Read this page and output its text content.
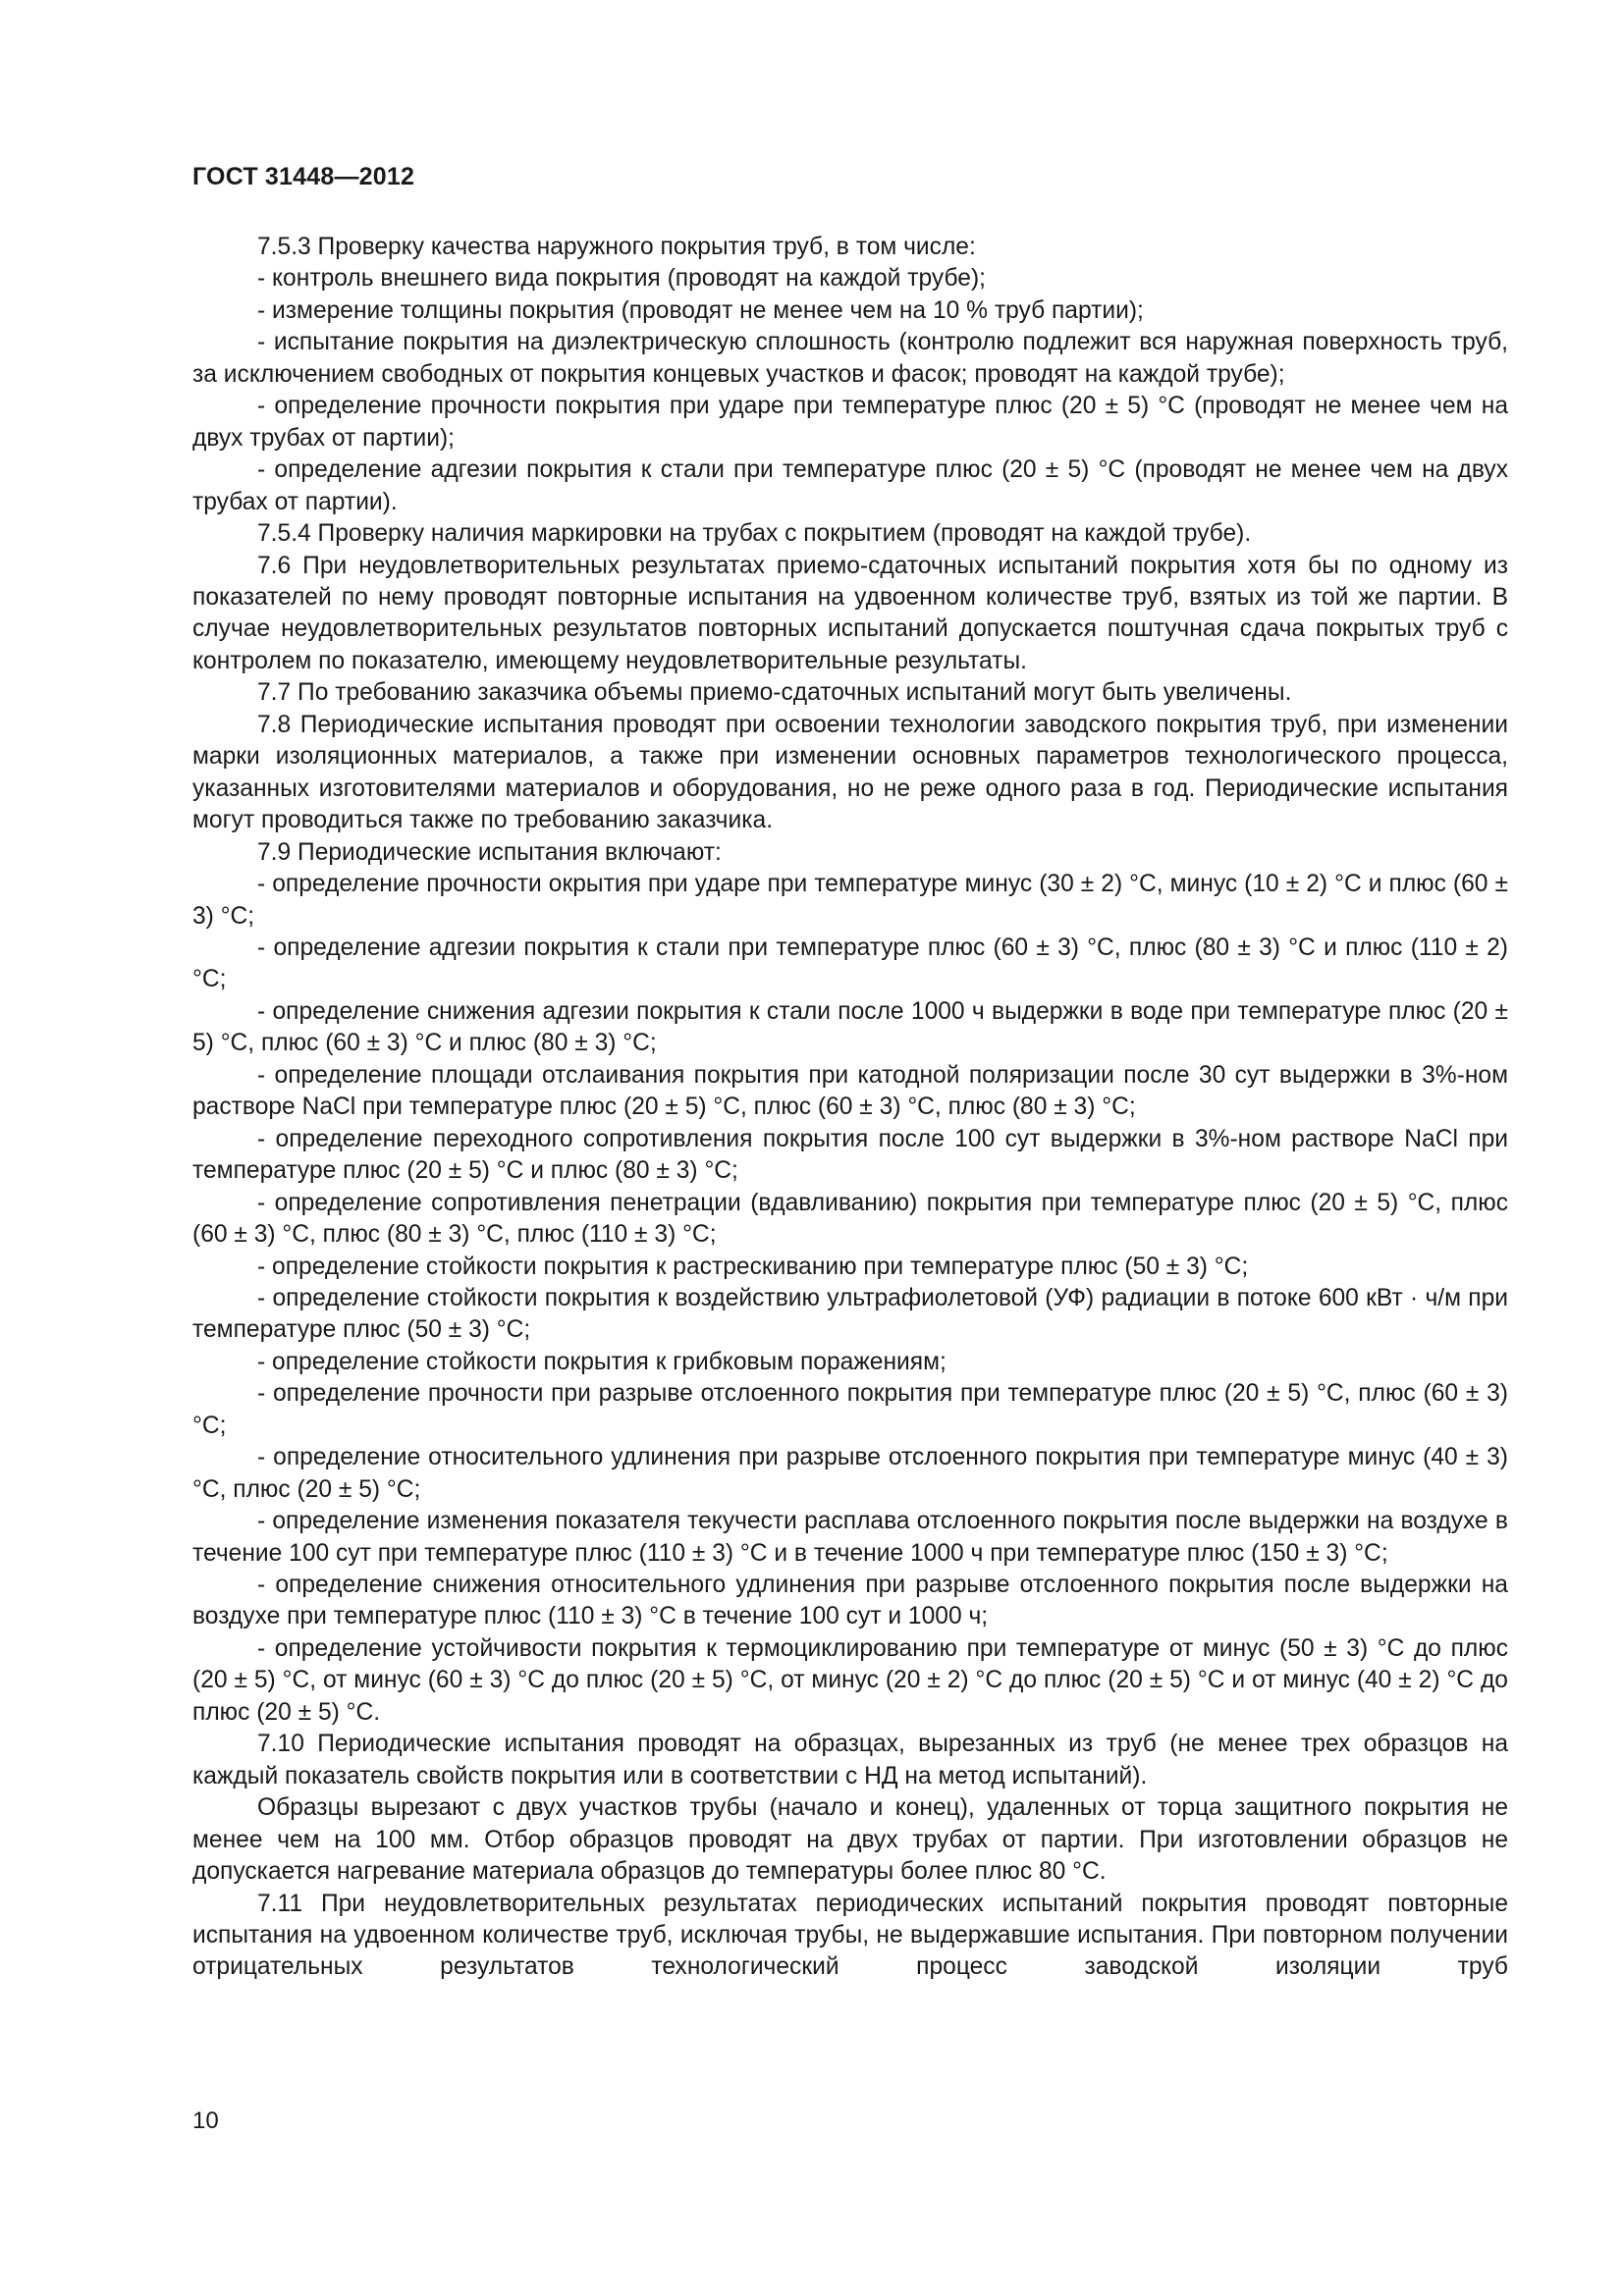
ГОСТ 31448—2012

7.5.3 Проверку качества наружного покрытия труб, в том числе:

- контроль внешнего вида покрытия (проводят на каждой трубе);

- измерение толщины покрытия (проводят не менее чем на 10 % труб партии);

- испытание покрытия на диэлектрическую сплошность (контролю подлежит вся наружная поверхность труб, за исключением свободных от покрытия концевых участков и фасок; проводят на каждой трубе);

- определение прочности покрытия при ударе при температуре плюс (20 ± 5) °С (проводят не менее чем на двух трубах от партии);

- определение адгезии покрытия к стали при температуре плюс (20 ± 5) °С (проводят не менее чем на двух трубах от партии).

7.5.4 Проверку наличия маркировки на трубах с покрытием (проводят на каждой трубе).

7.6 При неудовлетворительных результатах приемо-сдаточных испытаний покрытия хотя бы по одному из показателей по нему проводят повторные испытания на удвоенном количестве труб, взятых из той же партии. В случае неудовлетворительных результатов повторных испытаний допускается поштучная сдача покрытых труб с контролем по показателю, имеющему неудовлетворительные результаты.

7.7 По требованию заказчика объемы приемо-сдаточных испытаний могут быть увеличены.

7.8 Периодические испытания проводят при освоении технологии заводского покрытия труб, при изменении марки изоляционных материалов, а также при изменении основных параметров технологического процесса, указанных изготовителями материалов и оборудования, но не реже одного раза в год. Периодические испытания могут проводиться также по требованию заказчика.

7.9 Периодические испытания включают:

- определение прочности окрытия при ударе при температуре минус (30 ± 2) °С, минус (10 ± 2) °С и плюс (60 ± 3) °С;

- определение адгезии покрытия к стали при температуре плюс (60 ± 3) °С, плюс (80 ± 3) °С и плюс (110 ± 2) °С;

- определение снижения адгезии покрытия к стали после 1000 ч выдержки в воде при температуре плюс (20 ± 5) °С, плюс (60 ± 3) °С и плюс (80 ± 3) °С;

- определение площади отслаивания покрытия при катодной поляризации после 30 сут выдержки в 3%-ном растворе NaCl при температуре плюс (20 ± 5) °С, плюс (60 ± 3) °С, плюс (80 ± 3) °С;

- определение переходного сопротивления покрытия после 100 сут выдержки в 3%-ном растворе NaCl при температуре плюс (20 ± 5) °С и плюс (80 ± 3) °С;

- определение сопротивления пенетрации (вдавливанию) покрытия при температуре плюс (20 ± 5) °С, плюс (60 ± 3) °С, плюс (80 ± 3) °С, плюс (110 ± 3) °С;

- определение стойкости покрытия к растрескиванию при температуре плюс (50 ± 3) °С;

- определение стойкости покрытия к воздействию ультрафиолетовой (УФ) радиации в потоке 600 кВт · ч/м при температуре плюс (50 ± 3) °С;

- определение стойкости покрытия к грибковым поражениям;

- определение прочности при разрыве отслоенного покрытия при температуре плюс (20 ± 5) °С, плюс (60 ± 3) °С;

- определение относительного удлинения при разрыве отслоенного покрытия при температуре минус (40 ± 3) °С, плюс (20 ± 5) °С;

- определение изменения показателя текучести расплава отслоенного покрытия после выдержки на воздухе в течение 100 сут при температуре плюс (110 ± 3) °С и в течение 1000 ч при температуре плюс (150 ± 3) °С;

- определение снижения относительного удлинения при разрыве отслоенного покрытия после выдержки на воздухе при температуре плюс (110 ± 3) °С в течение 100 сут и 1000 ч;

- определение устойчивости покрытия к термоциклированию при температуре от минус (50 ± 3) °С до плюс (20 ± 5) °С, от минус (60 ± 3) °С до плюс (20 ± 5) °С, от минус (20 ± 2) °С до плюс (20 ± 5) °С и от минус (40 ± 2) °С до плюс (20 ± 5) °С.

7.10 Периодические испытания проводят на образцах, вырезанных из труб (не менее трех образцов на каждый показатель свойств покрытия или в соответствии с НД на метод испытаний).

Образцы вырезают с двух участков трубы (начало и конец), удаленных от торца защитного покрытия не менее чем на 100 мм. Отбор образцов проводят на двух трубах от партии. При изготовлении образцов не допускается нагревание материала образцов до температуры более плюс 80 °С.

7.11 При неудовлетворительных результатах периодических испытаний покрытия проводят повторные испытания на удвоенном количестве труб, исключая трубы, не выдержавшие испытания. При повторном получении отрицательных результатов технологический процесс заводской изоляции труб

10
